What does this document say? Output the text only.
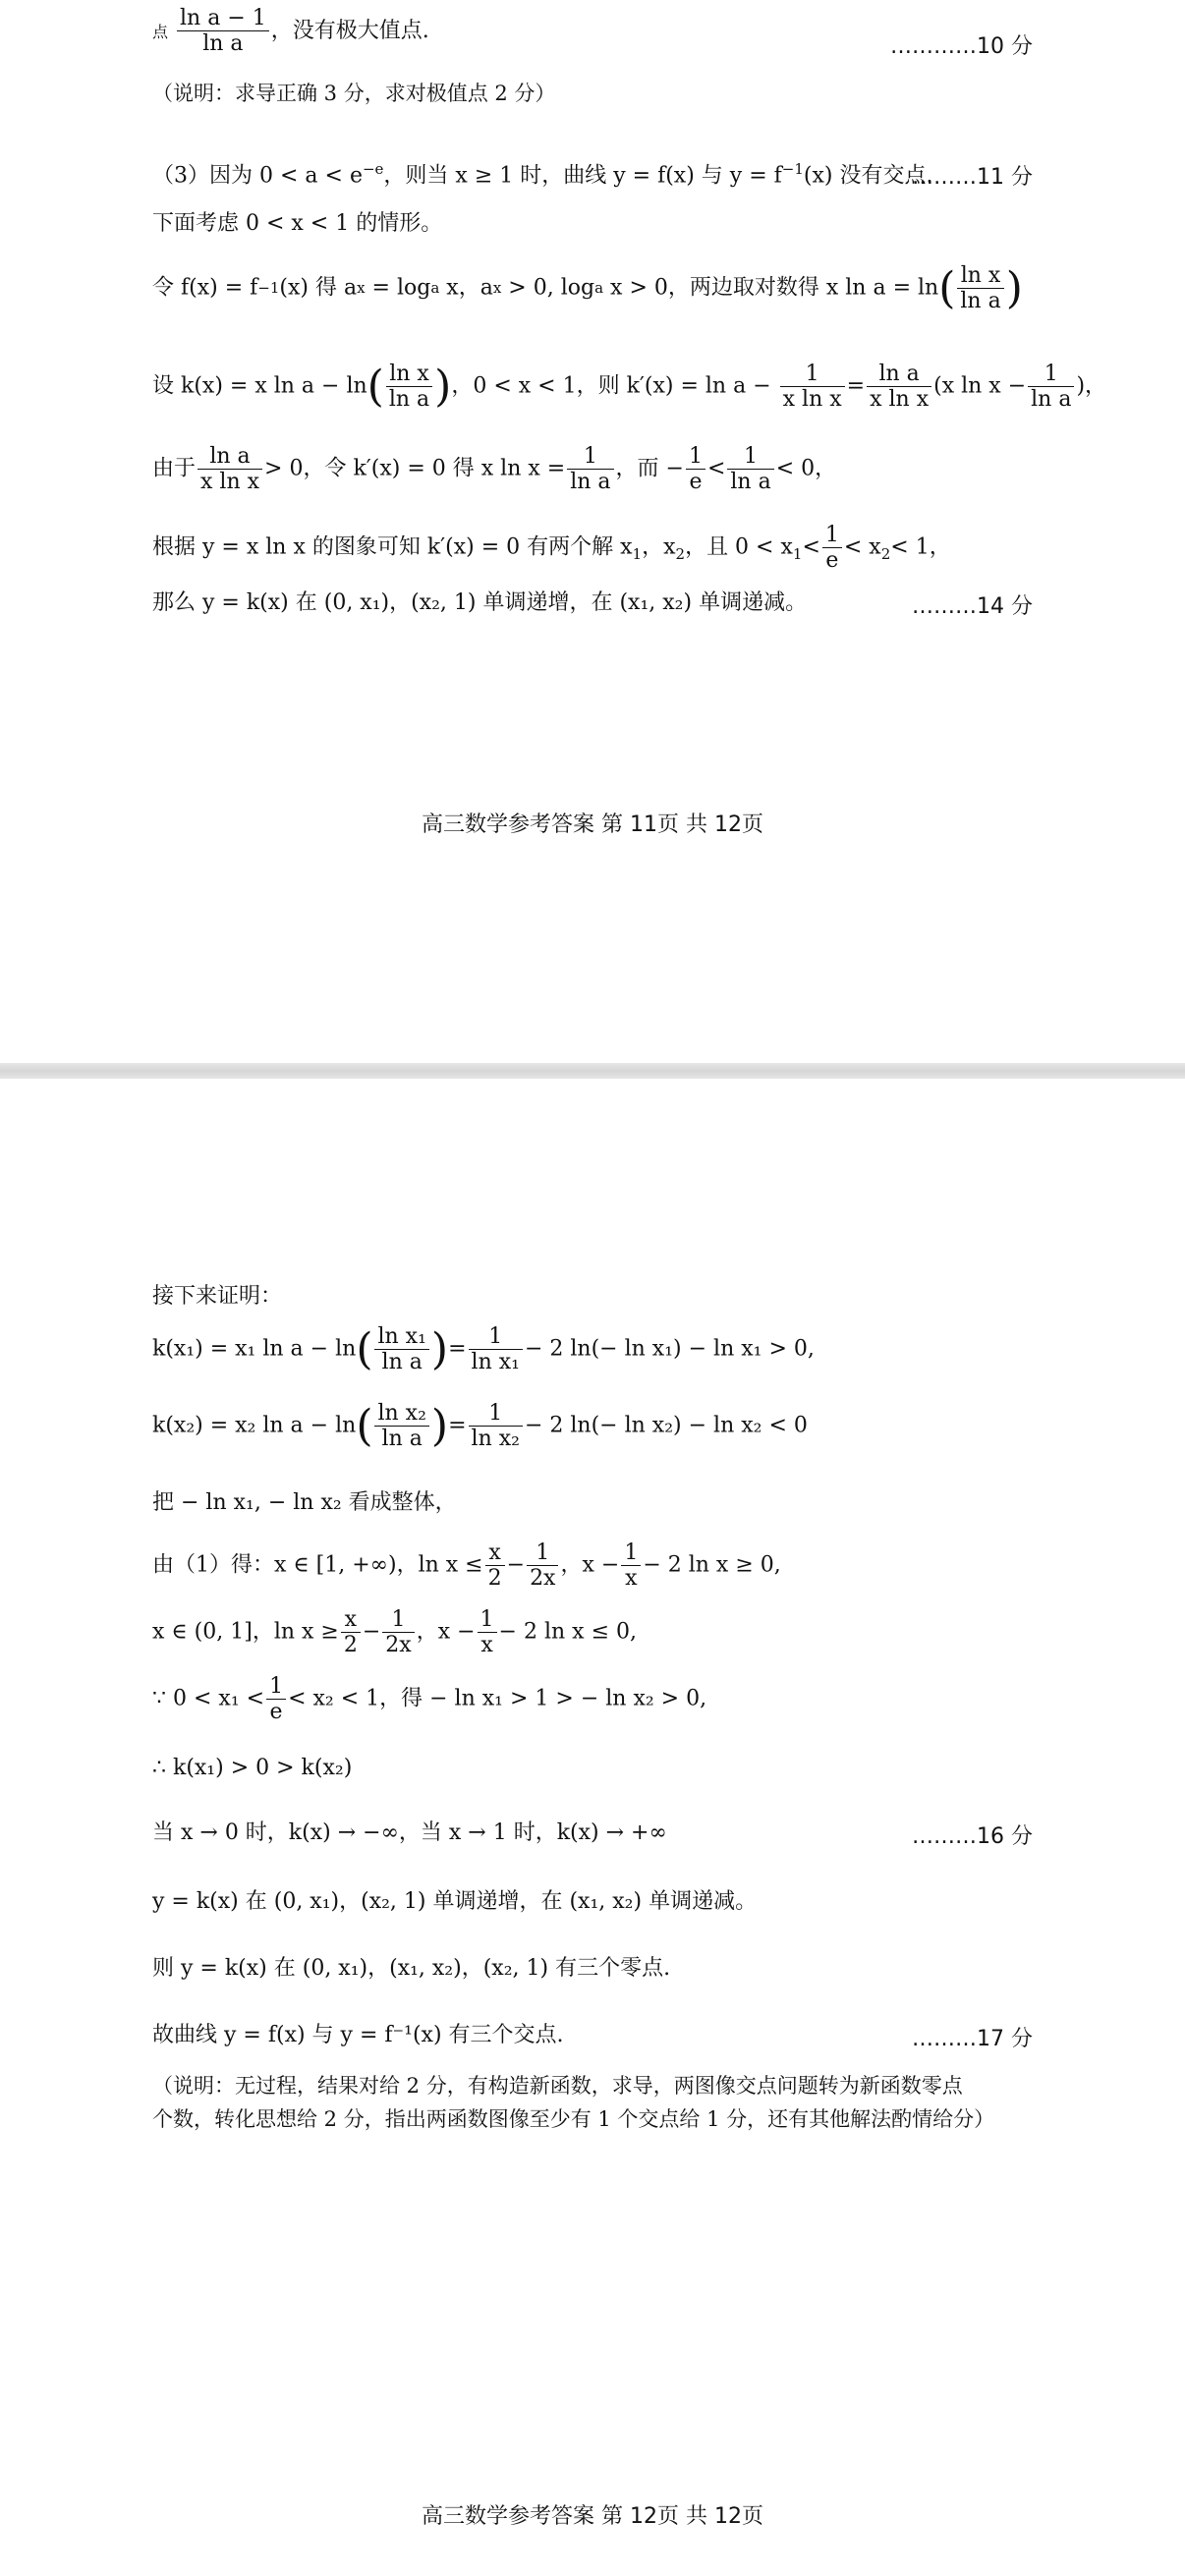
点 $\frac{\text{ln a − 1}}{\text{ln a}}$ ，没有极大值点.
…………10 分
（说明：求导正确 3 分，求对极值点 2 分）
（3）因为 $0 < a < e^{-e}$，则当 x ≥ 1 时，曲线 y = f(x) 与 $y = f^{-1}(x)$ 没有交点.
………11 分
下面考虑 0 < x < 1 的情形。
令 f(x) = f−1(x) 得 ax = loga x，ax > 0, loga x > 0，两边取对数得 x $\ln a = \ln( \frac{\text{ln x}}{\text{ln a}}$ )
设 k(x) = x $\ln a - \ln( \frac{\text{ln x}}{\text{ln a}}$ )，0 < x < 1，则 $k'(x) = \ln a - \frac{1}{\text{x ln x}} = \frac{\text{ln a}}{\text{x ln x}} (x$ $\ln x - \frac{1}{\text{ln a}}$ )，
由于 $\frac{\text{ln a}}{\text{x ln x}} > 0$，令 k′(x) = 0 得 x $\ln x = \frac{1}{\text{ln a}}$ ，而 − $\frac{1}{e} < \frac{1}{\text{ln a}} < 0$，
根据 y = x ln x 的图象可知 k′(x) = 0 有两个解 $x_1$，$x_2$，且 $0 < x_1< \frac{1}{e} < x_2< 1$，
那么 y = k(x) 在 (0, x₁)，(x₂, 1) 单调递增，在 (x₁, x₂) 单调递减。	………14 分
高三数学参考答案 第 11页 共 12页
接下来证明：
k(x₁) = x₁ $\ln a - \ln( \frac{\text{ln x₁}}{\text{ln a}}$ )= $\frac{1}{\text{ln x₁}} - 2$ ln(− ln x₁) − ln x₁ > 0,
k(x₂) = x₂ $\ln a - \ln( \frac{\text{ln x₂}}{\text{ln a}}$ )= $\frac{1}{\text{ln x₂}} - 2$ ln(− ln x₂) − ln x₂ < 0
把 − ln x₁, − ln x₂ 看成整体，
由（1）得：x ∈ [1, +∞)，$\ln x \le \frac{x}{2} - \frac{1}{2x}$ ，$x - \frac{1}{x} - 2$ ln x ≥ 0,
x ∈ (0, 1]，$\ln x \ge \frac{x}{2} - \frac{1}{2x}$ ，$x - \frac{1}{x} - 2$ ln x ≤ 0,
∵ $0 < x_1 < \frac{1}{e} < x_2 < 1$，得 − ln x₁ > 1 > − ln x₂ > 0,
∴ k(x₁) > 0 > k(x₂)
当 x → 0 时，k(x) → −∞，当 x → 1 时，k(x) → +∞	………16 分
y = k(x) 在 (0, x₁)，(x₂, 1) 单调递增，在 (x₁, x₂) 单调递减。
则 y = k(x) 在 (0, x₁)，(x₁, x₂)，(x₂, 1) 有三个零点.
故曲线 y = f(x) 与 y = f⁻¹(x) 有三个交点.	………17 分
（说明：无过程，结果对给 2 分，有构造新函数，求导，两图像交点问题转为新函数零点
个数，转化思想给 2 分，指出两函数图像至少有 1 个交点给 1 分，还有其他解法酌情给分）
高三数学参考答案 第 12页 共 12页
